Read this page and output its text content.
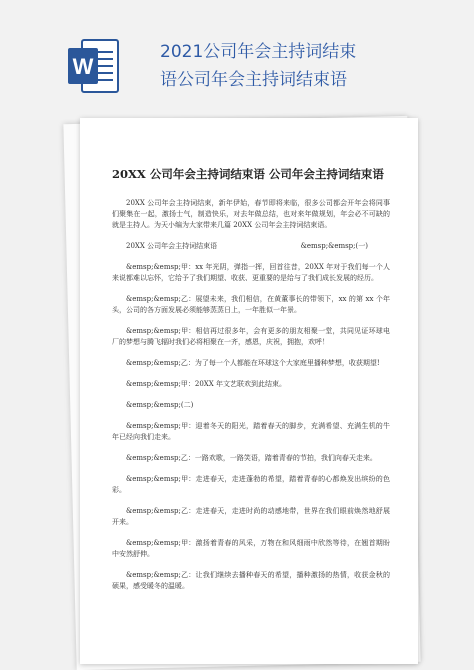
W
2021公司年会主持词结束
语公司年会主持词结束语
20XX 公司年会主持词结束语 公司年会主持词结束语
20XX 公司年会主持词结束，新年伊始，春节即将来临，很多公司都会开年会将同事们聚集在一起，激扬士气，制造快乐，对去年做总结，也对来年做规划，年会必不可缺的就是主持人。为天小编为大家带来几篇 20XX 公司年会主持词结束语。
20XX 公司年会主持词结束语	&emsp;&emsp;(一)
&emsp;&emsp;甲：xx 年光阴，弹指一挥，回首往昔，20XX 年对于我们每一个人来说都难以忘怀，它给予了我们期望、收获、更重要的是给与了我们成长发展的经历。
&emsp;&emsp;乙：展望未来，我们相信，在黄董事长的带领下，xx 的第 xx 个年头，公司的各方面发展必须能够蒸蒸日上，一年胜似一年景。
&emsp;&emsp;甲：相信再过很多年，会有更多的朋友相聚一堂，共同见证环球电厂的梦想与腾飞辐时我们必将相聚在一齐，感恩，庆祝，拥抱，欢呼！
&emsp;&emsp;乙：为了每一个人都能在环球这个大家庭里播种梦想，收获期望!
&emsp;&emsp;甲：20XX 年文艺联欢到此结束。
&emsp;&emsp;(二)
&emsp;&emsp;甲：迎着冬天的阳光，踏着春天的脚步，充满希望、充满生机的牛年已经向我们走来。
&emsp;&emsp;乙：一路欢歌，一路笑语，踏着青春的节拍，我们向春天走来。
&emsp;&emsp;甲：走进春天，走进蓬勃的希望，踏着青春的心都焕发出缤纷的色彩。
&emsp;&emsp;乙：走进春天，走进时尚的动感地带，世界在我们眼前焕然地舒展开来。
&emsp;&emsp;甲：激扬着青春的风采，万物在和风细雨中欣然等待，在翘首期盼中安然舒伸。
&emsp;&emsp;乙：让我们继续去播种春天的希望，播种激扬的热情，收获金秋的硕果，感受暖冬的温暖。
